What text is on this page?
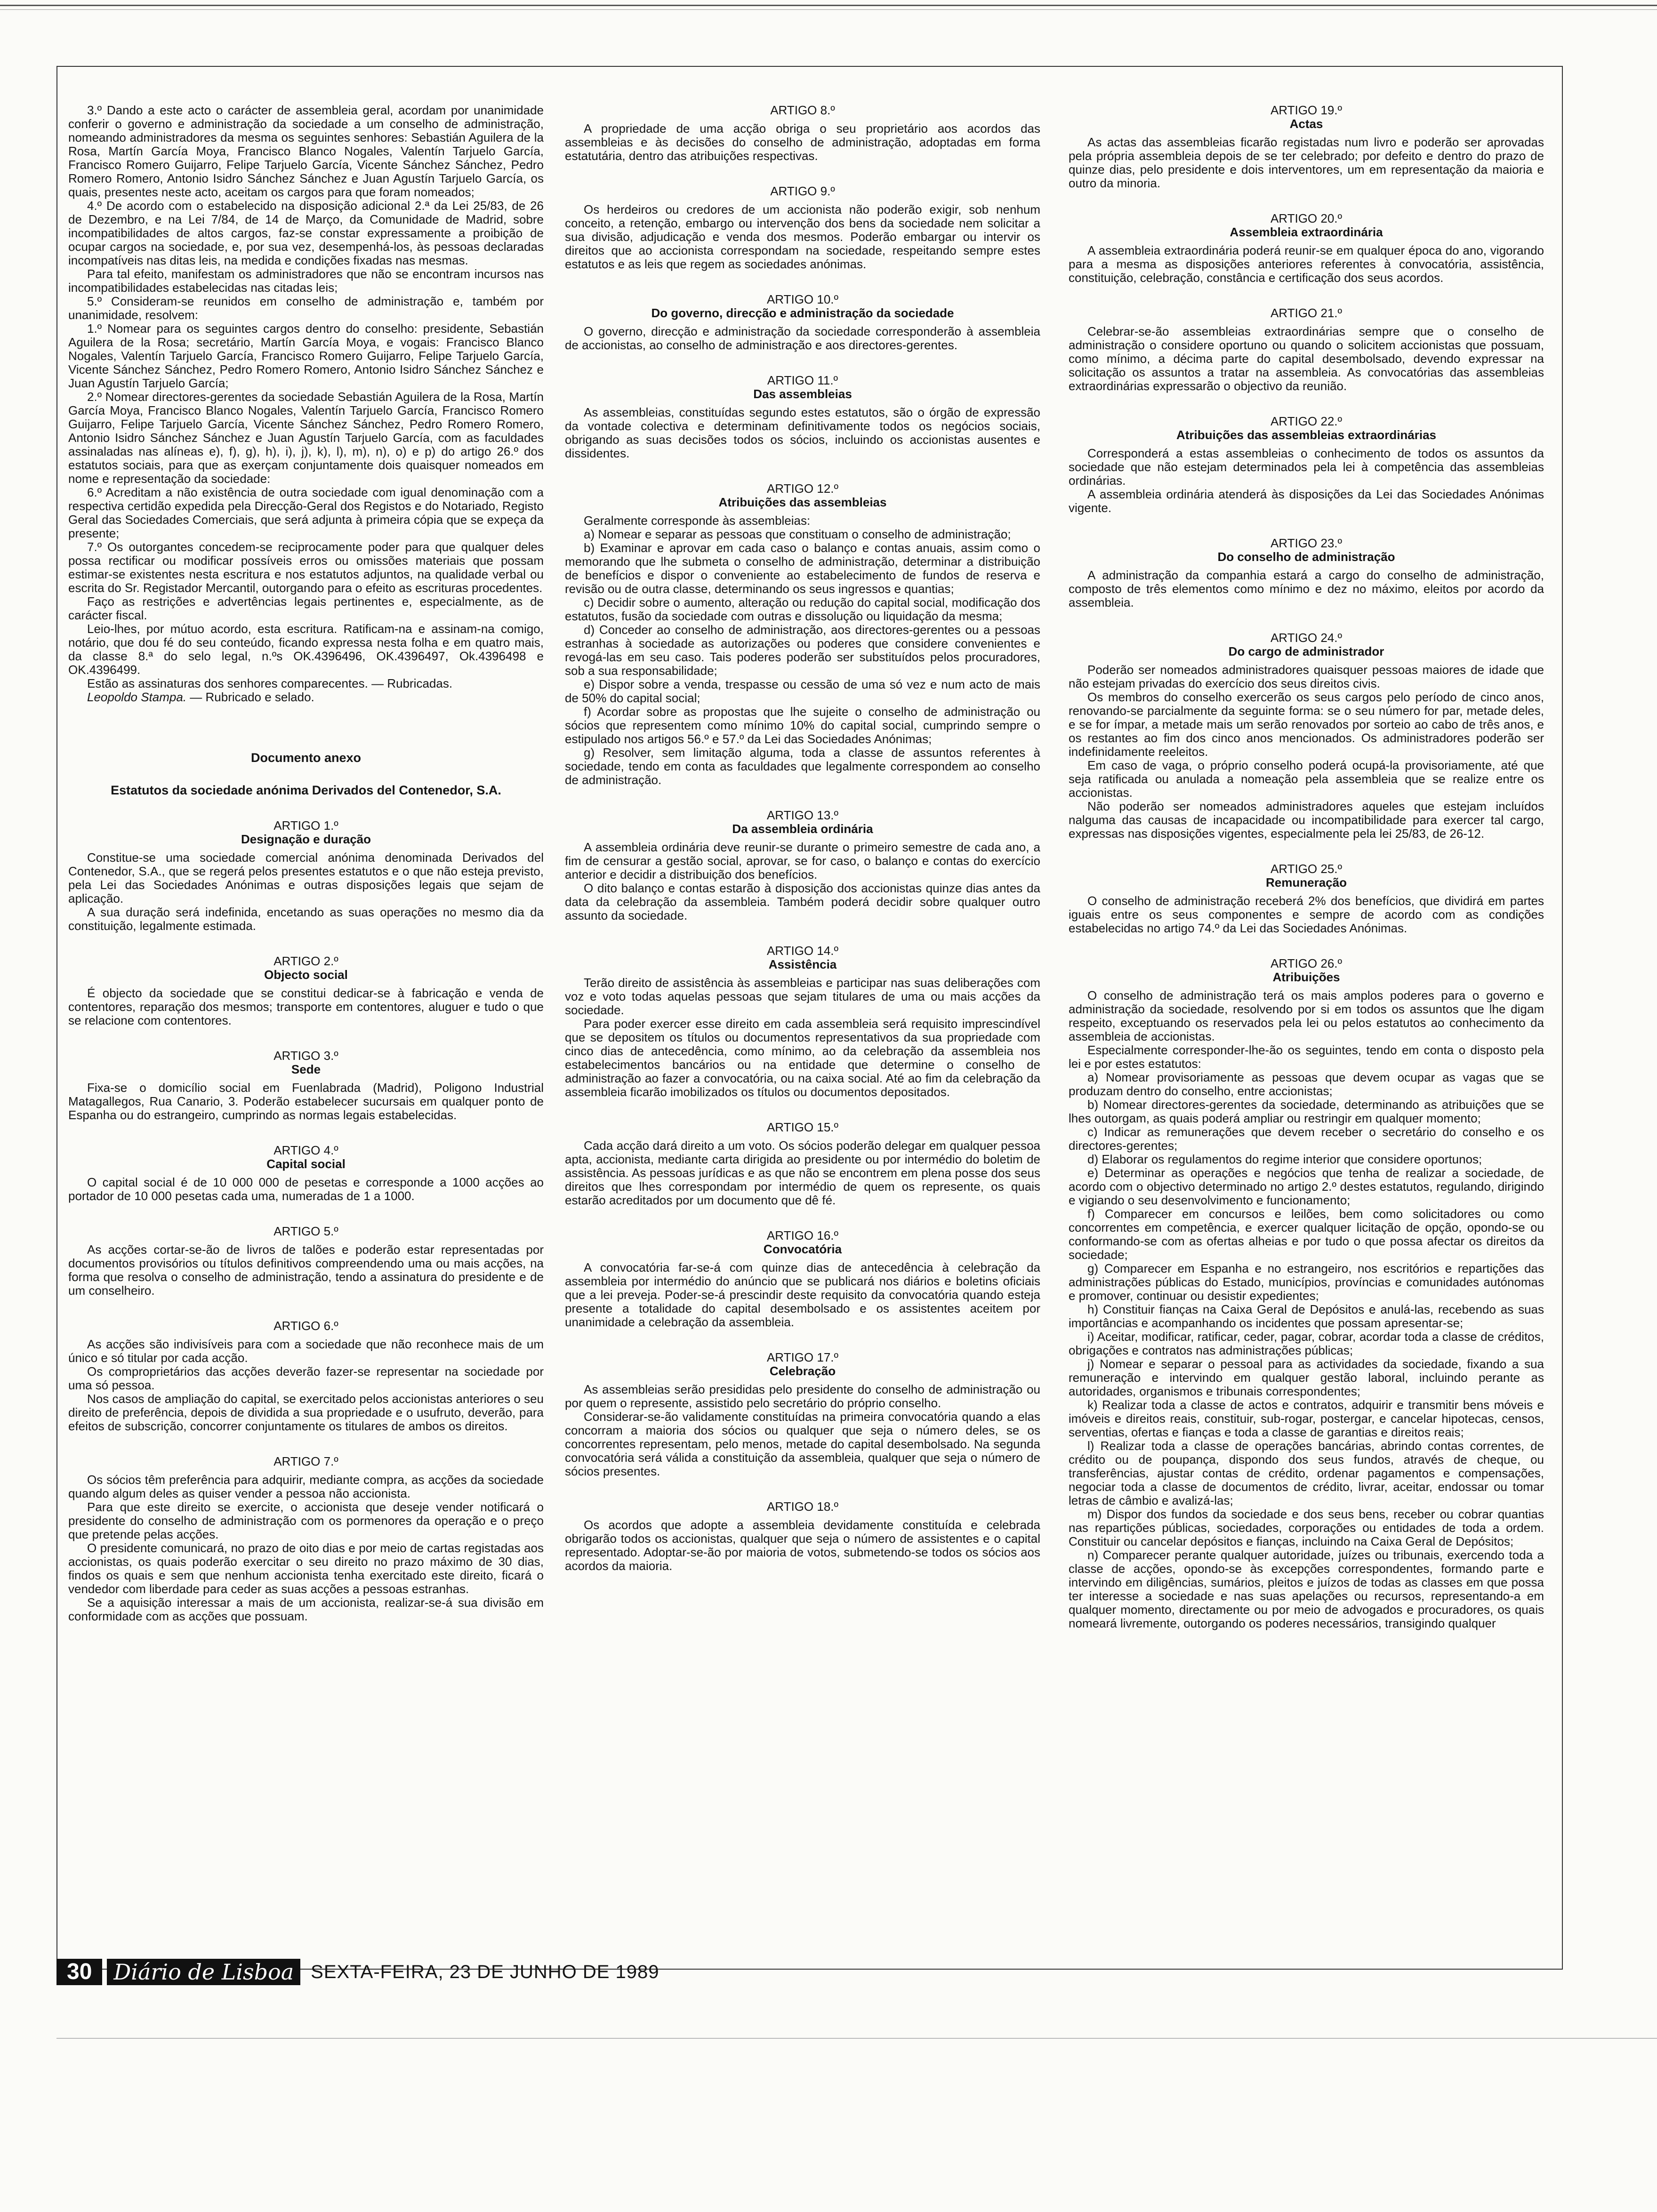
3.º Dando a este acto o carácter de assembleia geral, acordam por unanimidade conferir o governo e administração da sociedade a um conselho de administração, nomeando administradores da mesma os seguintes senhores: Sebastián Aguilera de la Rosa, Martín García Moya, Francisco Blanco Nogales, Valentín Tarjuelo García, Francisco Romero Guijarro, Felipe Tarjuelo García, Vicente Sánchez Sánchez, Pedro Romero Romero, Antonio Isidro Sánchez Sánchez e Juan Agustín Tarjuelo García, os quais, presentes neste acto, aceitam os cargos para que foram nomeados;

4.º De acordo com o estabelecido na disposição adicional 2.ª da Lei 25/83, de 26 de Dezembro, e na Lei 7/84, de 14 de Março, da Comunidade de Madrid, sobre incompatibilidades de altos cargos, faz-se constar expressamente a proibição de ocupar cargos na sociedade, e, por sua vez, desempenhá-los, às pessoas declaradas incompatíveis nas ditas leis, na medida e condições fixadas nas mesmas.

Para tal efeito, manifestam os administradores que não se encontram incursos nas incompatibilidades estabelecidas nas citadas leis;

5.º Consideram-se reunidos em conselho de administração e, também por unanimidade, resolvem:

1.º Nomear para os seguintes cargos dentro do conselho: presidente, Sebastián Aguilera de la Rosa; secretário, Martín García Moya, e vogais: Francisco Blanco Nogales, Valentín Tarjuelo García, Francisco Romero Guijarro, Felipe Tarjuelo García, Vicente Sánchez Sánchez, Pedro Romero Romero, Antonio Isidro Sánchez Sánchez e Juan Agustín Tarjuelo García;

2.º Nomear directores-gerentes da sociedade Sebastián Aguilera de la Rosa, Martín García Moya, Francisco Blanco Nogales, Valentín Tarjuelo García, Francisco Romero Guijarro, Felipe Tarjuelo García, Vicente Sánchez Sánchez, Pedro Romero Romero, Antonio Isidro Sánchez Sánchez e Juan Agustín Tarjuelo García, com as faculdades assinaladas nas alíneas e), f), g), h), i), j), k), l), m), n), o) e p) do artigo 26.º dos estatutos sociais, para que as exerçam conjuntamente dois quaisquer nomeados em nome e representação da sociedade:

6.º Acreditam a não existência de outra sociedade com igual denominação com a respectiva certidão expedida pela Direcção-Geral dos Registos e do Notariado, Registo Geral das Sociedades Comerciais, que será adjunta à primeira cópia que se expeça da presente;

7.º Os outorgantes concedem-se reciprocamente poder para que qualquer deles possa rectificar ou modificar possíveis erros ou omissões materiais que possam estimar-se existentes nesta escritura e nos estatutos adjuntos, na qualidade verbal ou escrita do Sr. Registador Mercantil, outorgando para o efeito as escrituras procedentes.

Faço as restrições e advertências legais pertinentes e, especialmente, as de carácter fiscal.

Leio-lhes, por mútuo acordo, esta escritura. Ratificam-na e assinam-na comigo, notário, que dou fé do seu conteúdo, ficando expressa nesta folha e em quatro mais, da classe 8.ª do selo legal, n.ºs OK.4396496, OK.4396497, Ok.4396498 e OK.4396499.

Estão as assinaturas dos senhores comparecentes. — Rubricadas.

Leopoldo Stampa. — Rubricado e selado.

Documento anexo
Estatutos da sociedade anónima Derivados del Contenedor, S.A.
ARTIGO 1.º
Designação e duração

Constitue-se uma sociedade comercial anónima denominada Derivados del Contenedor, S.A., que se regerá pelos presentes estatutos e o que não esteja previsto, pela Lei das Sociedades Anónimas e outras disposições legais que sejam de aplicação.

A sua duração será indefinida, encetando as suas operações no mesmo dia da constituição, legalmente estimada.

ARTIGO 2.º
Objecto social

É objecto da sociedade que se constitui dedicar-se à fabricação e venda de contentores, reparação dos mesmos; transporte em contentores, aluguer e tudo o que se relacione com contentores.

ARTIGO 3.º
Sede

Fixa-se o domicílio social em Fuenlabrada (Madrid), Poligono Industrial Matagallegos, Rua Canario, 3. Poderão estabelecer sucursais em qualquer ponto de Espanha ou do estrangeiro, cumprindo as normas legais estabelecidas.

ARTIGO 4.º
Capital social

O capital social é de 10 000 000 de pesetas e corresponde a 1000 acções ao portador de 10 000 pesetas cada uma, numeradas de 1 a 1000.

ARTIGO 5.º

As acções cortar-se-ão de livros de talões e poderão estar representadas por documentos provisórios ou títulos definitivos compreendendo uma ou mais acções, na forma que resolva o conselho de administração, tendo a assinatura do presidente e de um conselheiro.

ARTIGO 6.º

As acções são indivisíveis para com a sociedade que não reconhece mais de um único e só titular por cada acção.

Os comproprietários das acções deverão fazer-se representar na sociedade por uma só pessoa.

Nos casos de ampliação do capital, se exercitado pelos accionistas anteriores o seu direito de preferência, depois de dividida a sua propriedade e o usufruto, deverão, para efeitos de subscrição, concorrer conjuntamente os titulares de ambos os direitos.

ARTIGO 7.º

Os sócios têm preferência para adquirir, mediante compra, as acções da sociedade quando algum deles as quiser vender a pessoa não accionista.

Para que este direito se exercite, o accionista que deseje vender notificará o presidente do conselho de administração com os pormenores da operação e o preço que pretende pelas acções.

O presidente comunicará, no prazo de oito dias e por meio de cartas registadas aos accionistas, os quais poderão exercitar o seu direito no prazo máximo de 30 dias, findos os quais e sem que nenhum accionista tenha exercitado este direito, ficará o vendedor com liberdade para ceder as suas acções a pessoas estranhas.

Se a aquisição interessar a mais de um accionista, realizar-se-á sua divisão em conformidade com as acções que possuam.

ARTIGO 8.º

A propriedade de uma acção obriga o seu proprietário aos acordos das assembleias e às decisões do conselho de administração, adoptadas em forma estatutária, dentro das atribuições respectivas.

ARTIGO 9.º

Os herdeiros ou credores de um accionista não poderão exigir, sob nenhum conceito, a retenção, embargo ou intervenção dos bens da sociedade nem solicitar a sua divisão, adjudicação e venda dos mesmos. Poderão embargar ou intervir os direitos que ao accionista correspondam na sociedade, respeitando sempre estes estatutos e as leis que regem as sociedades anónimas.

ARTIGO 10.º
Do governo, direcção e administração da sociedade

O governo, direcção e administração da sociedade corresponderão à assembleia de accionistas, ao conselho de administração e aos directores-gerentes.

ARTIGO 11.º
Das assembleias

As assembleias, constituídas segundo estes estatutos, são o órgão de expressão da vontade colectiva e determinam definitivamente todos os negócios sociais, obrigando as suas decisões todos os sócios, incluindo os accionistas ausentes e dissidentes.

ARTIGO 12.º
Atribuições das assembleias

Geralmente corresponde às assembleias:

a) Nomear e separar as pessoas que constituam o conselho de administração;

b) Examinar e aprovar em cada caso o balanço e contas anuais, assim como o memorando que lhe submeta o conselho de administração, determinar a distribuição de benefícios e dispor o conveniente ao estabelecimento de fundos de reserva e revisão ou de outra classe, determinando os seus ingressos e quantias;

c) Decidir sobre o aumento, alteração ou redução do capital social, modificação dos estatutos, fusão da sociedade com outras e dissolução ou liquidação da mesma;

d) Conceder ao conselho de administração, aos directores-gerentes ou a pessoas estranhas à sociedade as autorizações ou poderes que considere convenientes e revogá-las em seu caso. Tais poderes poderão ser substituídos pelos procuradores, sob a sua responsabilidade;

e) Dispor sobre a venda, trespasse ou cessão de uma só vez e num acto de mais de 50% do capital social;

f) Acordar sobre as propostas que lhe sujeite o conselho de administração ou sócios que representem como mínimo 10% do capital social, cumprindo sempre o estipulado nos artigos 56.º e 57.º da Lei das Sociedades Anónimas;

g) Resolver, sem limitação alguma, toda a classe de assuntos referentes à sociedade, tendo em conta as faculdades que legalmente correspondem ao conselho de administração.

ARTIGO 13.º
Da assembleia ordinária

A assembleia ordinária deve reunir-se durante o primeiro semestre de cada ano, a fim de censurar a gestão social, aprovar, se for caso, o balanço e contas do exercício anterior e decidir a distribuição dos benefícios.

O dito balanço e contas estarão à disposição dos accionistas quinze dias antes da data da celebração da assembleia. Também poderá decidir sobre qualquer outro assunto da sociedade.

ARTIGO 14.º
Assistência

Terão direito de assistência às assembleias e participar nas suas deliberações com voz e voto todas aquelas pessoas que sejam titulares de uma ou mais acções da sociedade.

Para poder exercer esse direito em cada assembleia será requisito imprescindível que se depositem os títulos ou documentos representativos da sua propriedade com cinco dias de antecedência, como mínimo, ao da celebração da assembleia nos estabelecimentos bancários ou na entidade que determine o conselho de administração ao fazer a convocatória, ou na caixa social. Até ao fim da celebração da assembleia ficarão imobilizados os títulos ou documentos depositados.

ARTIGO 15.º

Cada acção dará direito a um voto. Os sócios poderão delegar em qualquer pessoa apta, accionista, mediante carta dirigida ao presidente ou por intermédio do boletim de assistência. As pessoas jurídicas e as que não se encontrem em plena posse dos seus direitos que lhes correspondam por intermédio de quem os represente, os quais estarão acreditados por um documento que dê fé.

ARTIGO 16.º
Convocatória

A convocatória far-se-á com quinze dias de antecedência à celebração da assembleia por intermédio do anúncio que se publicará nos diários e boletins oficiais que a lei preveja. Poder-se-á prescindir deste requisito da convocatória quando esteja presente a totalidade do capital desembolsado e os assistentes aceitem por unanimidade a celebração da assembleia.

ARTIGO 17.º
Celebração

As assembleias serão presididas pelo presidente do conselho de administração ou por quem o represente, assistido pelo secretário do próprio conselho.

Considerar-se-ão validamente constituídas na primeira convocatória quando a elas concorram a maioria dos sócios ou qualquer que seja o número deles, se os concorrentes representam, pelo menos, metade do capital desembolsado. Na segunda convocatória será válida a constituição da assembleia, qualquer que seja o número de sócios presentes.

ARTIGO 18.º

Os acordos que adopte a assembleia devidamente constituída e celebrada obrigarão todos os accionistas, qualquer que seja o número de assistentes e o capital representado. Adoptar-se-ão por maioria de votos, submetendo-se todos os sócios aos acordos da maioria.

ARTIGO 19.º
Actas

As actas das assembleias ficarão registadas num livro e poderão ser aprovadas pela própria assembleia depois de se ter celebrado; por defeito e dentro do prazo de quinze dias, pelo presidente e dois interventores, um em representação da maioria e outro da minoria.

ARTIGO 20.º
Assembleia extraordinária

A assembleia extraordinária poderá reunir-se em qualquer época do ano, vigorando para a mesma as disposições anteriores referentes à convocatória, assistência, constituição, celebração, constância e certificação dos seus acordos.

ARTIGO 21.º

Celebrar-se-ão assembleias extraordinárias sempre que o conselho de administração o considere oportuno ou quando o solicitem accionistas que possuam, como mínimo, a décima parte do capital desembolsado, devendo expressar na solicitação os assuntos a tratar na assembleia. As convocatórias das assembleias extraordinárias expressarão o objectivo da reunião.

ARTIGO 22.º
Atribuições das assembleias extraordinárias

Corresponderá a estas assembleias o conhecimento de todos os assuntos da sociedade que não estejam determinados pela lei à competência das assembleias ordinárias.

A assembleia ordinária atenderá às disposições da Lei das Sociedades Anónimas vigente.

ARTIGO 23.º
Do conselho de administração

A administração da companhia estará a cargo do conselho de administração, composto de três elementos como mínimo e dez no máximo, eleitos por acordo da assembleia.

ARTIGO 24.º
Do cargo de administrador

Poderão ser nomeados administradores quaisquer pessoas maiores de idade que não estejam privadas do exercício dos seus direitos civis.

Os membros do conselho exercerão os seus cargos pelo período de cinco anos, renovando-se parcialmente da seguinte forma: se o seu número for par, metade deles, e se for ímpar, a metade mais um serão renovados por sorteio ao cabo de três anos, e os restantes ao fim dos cinco anos mencionados. Os administradores poderão ser indefinidamente reeleitos.

Em caso de vaga, o próprio conselho poderá ocupá-la provisoriamente, até que seja ratificada ou anulada a nomeação pela assembleia que se realize entre os accionistas.

Não poderão ser nomeados administradores aqueles que estejam incluídos nalguma das causas de incapacidade ou incompatibilidade para exercer tal cargo, expressas nas disposições vigentes, especialmente pela lei 25/83, de 26-12.

ARTIGO 25.º
Remuneração

O conselho de administração receberá 2% dos benefícios, que dividirá em partes iguais entre os seus componentes e sempre de acordo com as condições estabelecidas no artigo 74.º da Lei das Sociedades Anónimas.

ARTIGO 26.º
Atribuições

O conselho de administração terá os mais amplos poderes para o governo e administração da sociedade, resolvendo por si em todos os assuntos que lhe digam respeito, exceptuando os reservados pela lei ou pelos estatutos ao conhecimento da assembleia de accionistas.

Especialmente corresponder-lhe-ão os seguintes, tendo em conta o disposto pela lei e por estes estatutos:

a) Nomear provisoriamente as pessoas que devem ocupar as vagas que se produzam dentro do conselho, entre accionistas;

b) Nomear directores-gerentes da sociedade, determinando as atribuições que se lhes outorgam, as quais poderá ampliar ou restringir em qualquer momento;

c) Indicar as remunerações que devem receber o secretário do conselho e os directores-gerentes;

d) Elaborar os regulamentos do regime interior que considere oportunos;

e) Determinar as operações e negócios que tenha de realizar a sociedade, de acordo com o objectivo determinado no artigo 2.º destes estatutos, regulando, dirigindo e vigiando o seu desenvolvimento e funcionamento;

f) Comparecer em concursos e leilões, bem como solicitadores ou como concorrentes em competência, e exercer qualquer licitação de opção, opondo-se ou conformando-se com as ofertas alheias e por tudo o que possa afectar os direitos da sociedade;

g) Comparecer em Espanha e no estrangeiro, nos escritórios e repartições das administrações públicas do Estado, municípios, províncias e comunidades autónomas e promover, continuar ou desistir expedientes;

h) Constituir fianças na Caixa Geral de Depósitos e anulá-las, recebendo as suas importâncias e acompanhando os incidentes que possam apresentar-se;

i) Aceitar, modificar, ratificar, ceder, pagar, cobrar, acordar toda a classe de créditos, obrigações e contratos nas administrações públicas;

j) Nomear e separar o pessoal para as actividades da sociedade, fixando a sua remuneração e intervindo em qualquer gestão laboral, incluindo perante as autoridades, organismos e tribunais correspondentes;

k) Realizar toda a classe de actos e contratos, adquirir e transmitir bens móveis e imóveis e direitos reais, constituir, sub-rogar, postergar, e cancelar hipotecas, censos, serventias, ofertas e fianças e toda a classe de garantias e direitos reais;

l) Realizar toda a classe de operações bancárias, abrindo contas correntes, de crédito ou de poupança, dispondo dos seus fundos, através de cheque, ou transferências, ajustar contas de crédito, ordenar pagamentos e compensações, negociar toda a classe de documentos de crédito, livrar, aceitar, endossar ou tomar letras de câmbio e avalizá-las;

m) Dispor dos fundos da sociedade e dos seus bens, receber ou cobrar quantias nas repartições públicas, sociedades, corporações ou entidades de toda a ordem. Constituir ou cancelar depósitos e fianças, incluindo na Caixa Geral de Depósitos;

n) Comparecer perante qualquer autoridade, juízes ou tribunais, exercendo toda a classe de acções, opondo-se às excepções correspondentes, formando parte e intervindo em diligências, sumários, pleitos e juízos de todas as classes em que possa ter interesse a sociedade e nas suas apelações ou recursos, representando-a em qualquer momento, directamente ou por meio de advogados e procuradores, os quais nomeará livremente, outorgando os poderes necessários, transigindo qualquer

30	Diário de Lisboa SEXTA-FEIRA, 23 DE JUNHO DE 1989
